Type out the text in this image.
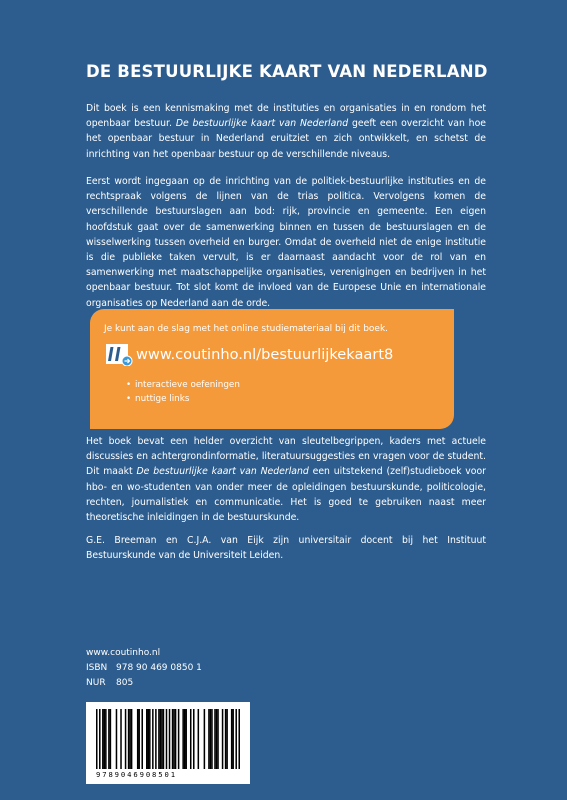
DE BESTUURLIJKE KAART VAN NEDERLAND

Dit boek is een kennismaking met de instituties en organisaties in en rondom het openbaar bestuur. De bestuurlijke kaart van Nederland geeft een overzicht van hoe het openbaar bestuur in Nederland eruitziet en zich ontwikkelt, en schetst de inrichting van het openbaar bestuur op de verschillende niveaus.

Eerst wordt ingegaan op de inrichting van de politiek-bestuurlijke instituties en de rechtspraak volgens de lijnen van de trias politica. Vervolgens komen de verschillende bestuurslagen aan bod: rijk, provincie en gemeente. Een eigen hoofdstuk gaat over de samenwerking binnen en tussen de bestuurslagen en de wisselwerking tussen overheid en burger. Omdat de overheid niet de enige institutie is die publieke taken vervult, is er daarnaast aandacht voor de rol van en samenwerking met maatschappelijke organisaties, verenigingen en bedrijven in het openbaar bestuur. Tot slot komt de invloed van de Europese Unie en internationale organisaties op Nederland aan de orde.

Je kunt aan de slag met het online studiemateriaal bij dit boek.
www.coutinho.nl/bestuurlijkekaart8
• interactieve oefeningen
• nuttige links

Het boek bevat een helder overzicht van sleutelbegrippen, kaders met actuele discussies en achtergrondinformatie, literatuursuggesties en vragen voor de student. Dit maakt De bestuurlijke kaart van Nederland een uitstekend (zelf)studieboek voor hbo- en wo-studenten van onder meer de opleidingen bestuurskunde, politicologie, rechten, journalistiek en communicatie. Het is goed te gebruiken naast meer theoretische inleidingen in de bestuurskunde.

G.E. Breeman en C.J.A. van Eijk zijn universitair docent bij het Instituut Bestuurskunde van de Universiteit Leiden.

www.coutinho.nl
ISBN 978 90 469 0850 1
NUR	805
9789046908501
